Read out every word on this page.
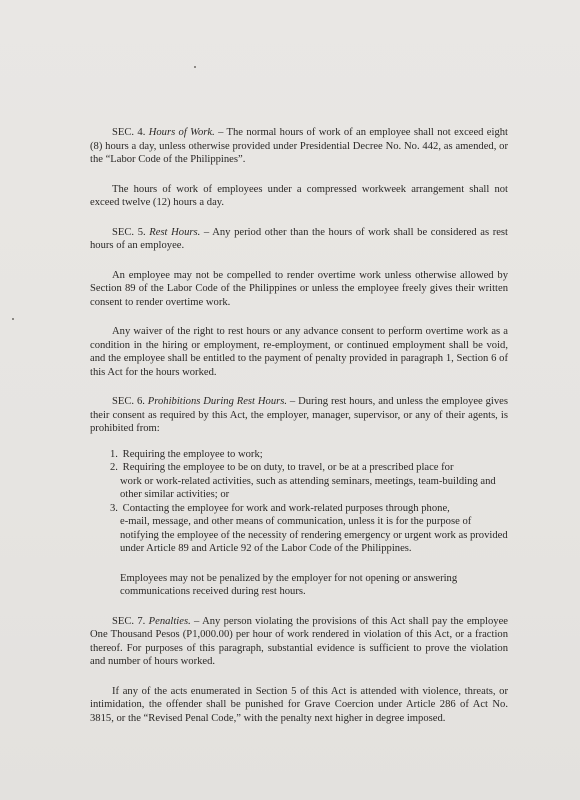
SEC. 4. Hours of Work. – The normal hours of work of an employee shall not exceed eight (8) hours a day, unless otherwise provided under Presidential Decree No. No. 442, as amended, or the “Labor Code of the Philippines”.

The hours of work of employees under a compressed workweek arrangement shall not exceed twelve (12) hours a day.

SEC. 5. Rest Hours. – Any period other than the hours of work shall be considered as rest hours of an employee.

An employee may not be compelled to render overtime work unless otherwise allowed by Section 89 of the Labor Code of the Philippines or unless the employee freely gives their written consent to render overtime work.

Any waiver of the right to rest hours or any advance consent to perform overtime work as a condition in the hiring or employment, re-employment, or continued employment shall be void, and the employee shall be entitled to the payment of penalty provided in paragraph 1, Section 6 of this Act for the hours worked.

SEC. 6. Prohibitions During Rest Hours. – During rest hours, and unless the employee gives their consent as required by this Act, the employer, manager, supervisor, or any of their agents, is prohibited from:

1. Requiring the employee to work;
2. Requiring the employee to be on duty, to travel, or be at a prescribed place for
work or work-related activities, such as attending seminars, meetings, team-building and other similar activities; or
3. Contacting the employee for work and work-related purposes through phone,
e-mail, message, and other means of communication, unless it is for the purpose of notifying the employee of the necessity of rendering emergency or urgent work as provided under Article 89 and Article 92 of the Labor Code of the Philippines.
Employees may not be penalized by the employer for not opening or answering communications received during rest hours.

SEC. 7. Penalties. – Any person violating the provisions of this Act shall pay the employee One Thousand Pesos (P1,000.00) per hour of work rendered in violation of this Act, or a fraction thereof. For purposes of this paragraph, substantial evidence is sufficient to prove the violation and number of hours worked.

If any of the acts enumerated in Section 5 of this Act is attended with violence, threats, or intimidation, the offender shall be punished for Grave Coercion under Article 286 of Act No. 3815, or the “Revised Penal Code,” with the penalty next higher in degree imposed.
